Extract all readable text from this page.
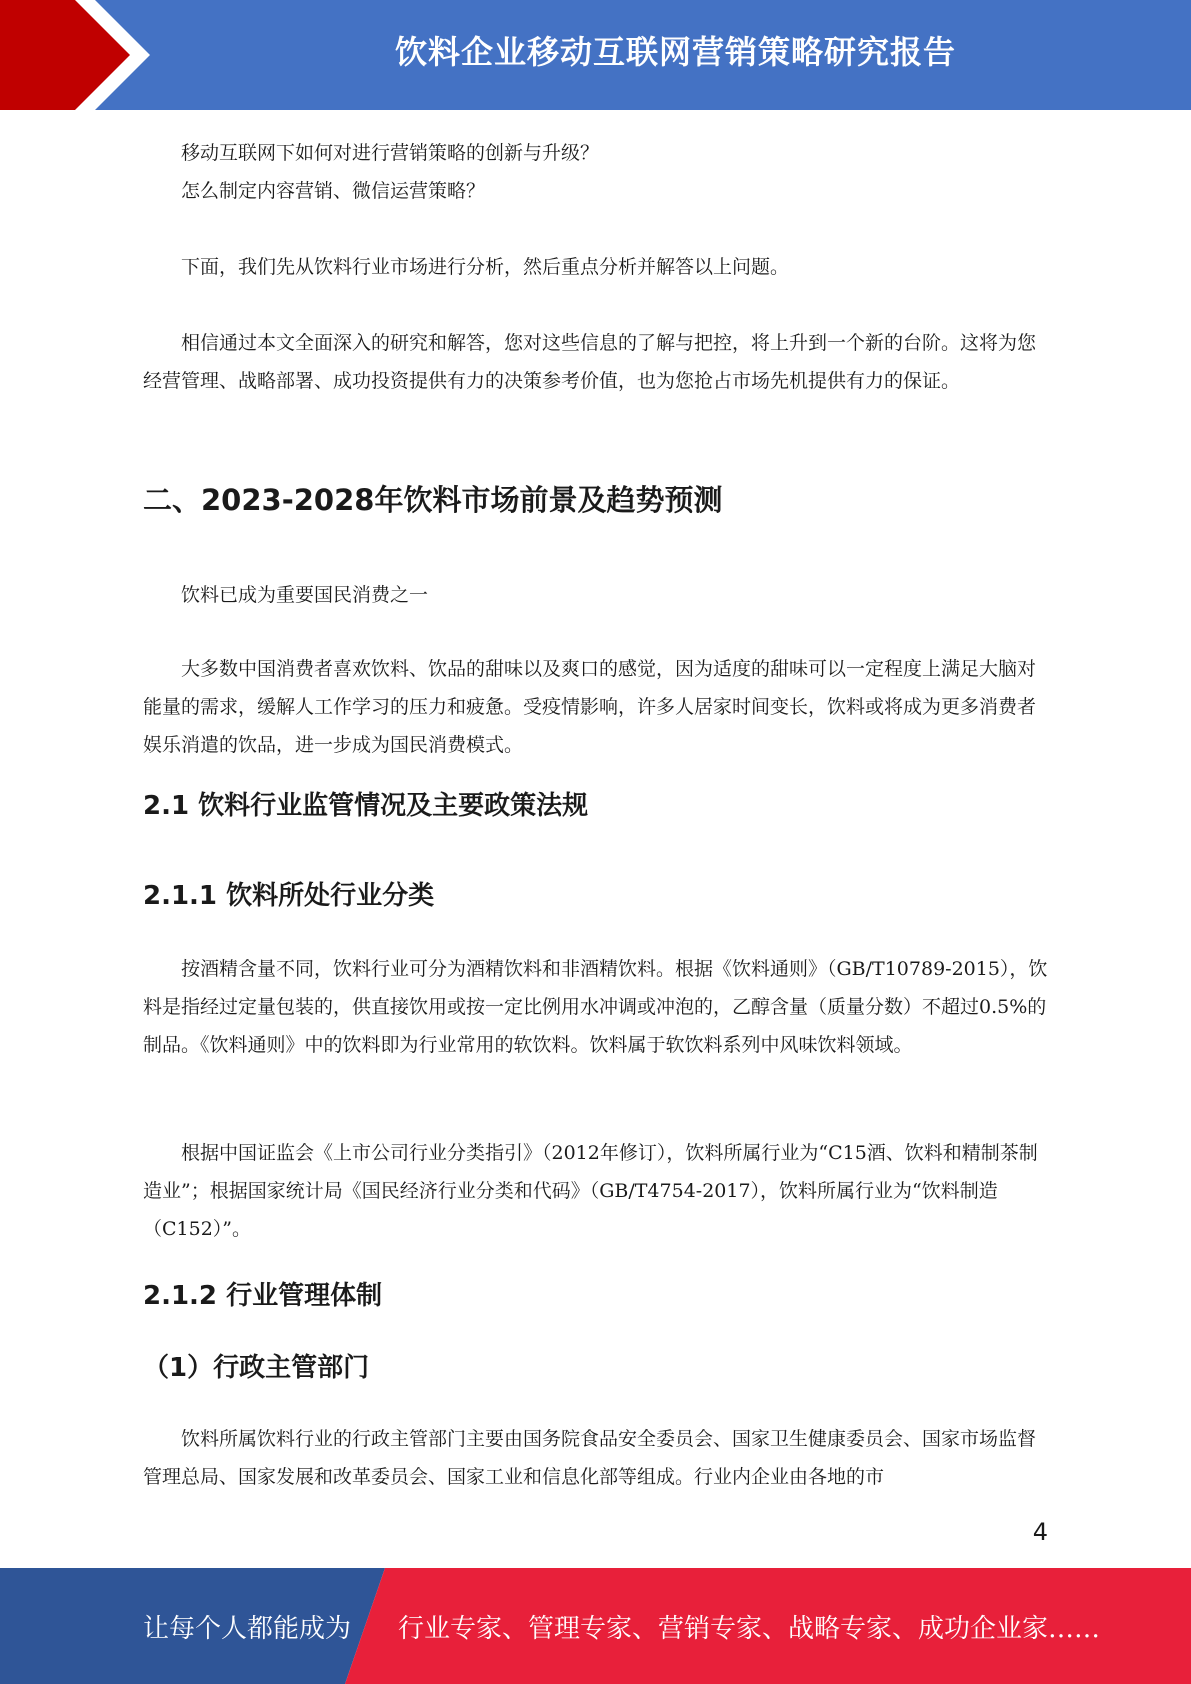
饮料企业移动互联网营销策略研究报告

移动互联网下如何对进行营销策略的创新与升级？

怎么制定内容营销、微信运营策略？

下面，我们先从饮料行业市场进行分析，然后重点分析并解答以上问题。

相信通过本文全面深入的研究和解答，您对这些信息的了解与把控，将上升到一个新的台阶。这将为您经营管理、战略部署、成功投资提供有力的决策参考价值，也为您抢占市场先机提供有力的保证。

二、2023-2028年饮料市场前景及趋势预测

饮料已成为重要国民消费之一

大多数中国消费者喜欢饮料、饮品的甜味以及爽口的感觉，因为适度的甜味可以一定程度上满足大脑对能量的需求，缓解人工作学习的压力和疲惫。受疫情影响，许多人居家时间变长，饮料或将成为更多消费者娱乐消遣的饮品，进一步成为国民消费模式。

2.1 饮料行业监管情况及主要政策法规
2.1.1 饮料所处行业分类

按酒精含量不同，饮料行业可分为酒精饮料和非酒精饮料。根据《饮料通则》（GB/T10789-2015），饮料是指经过定量包装的，供直接饮用或按一定比例用水冲调或冲泡的，乙醇含量（质量分数）不超过0.5%的制品。《饮料通则》中的饮料即为行业常用的软饮料。饮料属于软饮料系列中风味饮料领域。

根据中国证监会《上市公司行业分类指引》（2012年修订），饮料所属行业为“C15酒、饮料和精制茶制造业”；根据国家统计局《国民经济行业分类和代码》（GB/T4754-2017），饮料所属行业为“饮料制造（C152）”。

2.1.2 行业管理体制
（1）行政主管部门

饮料所属饮料行业的行政主管部门主要由国务院食品安全委员会、国家卫生健康委员会、国家市场监督管理总局、国家发展和改革委员会、国家工业和信息化部等组成。行业内企业由各地的市

4
让每个人都能成为 行业专家、管理专家、营销专家、战略专家、成功企业家……
